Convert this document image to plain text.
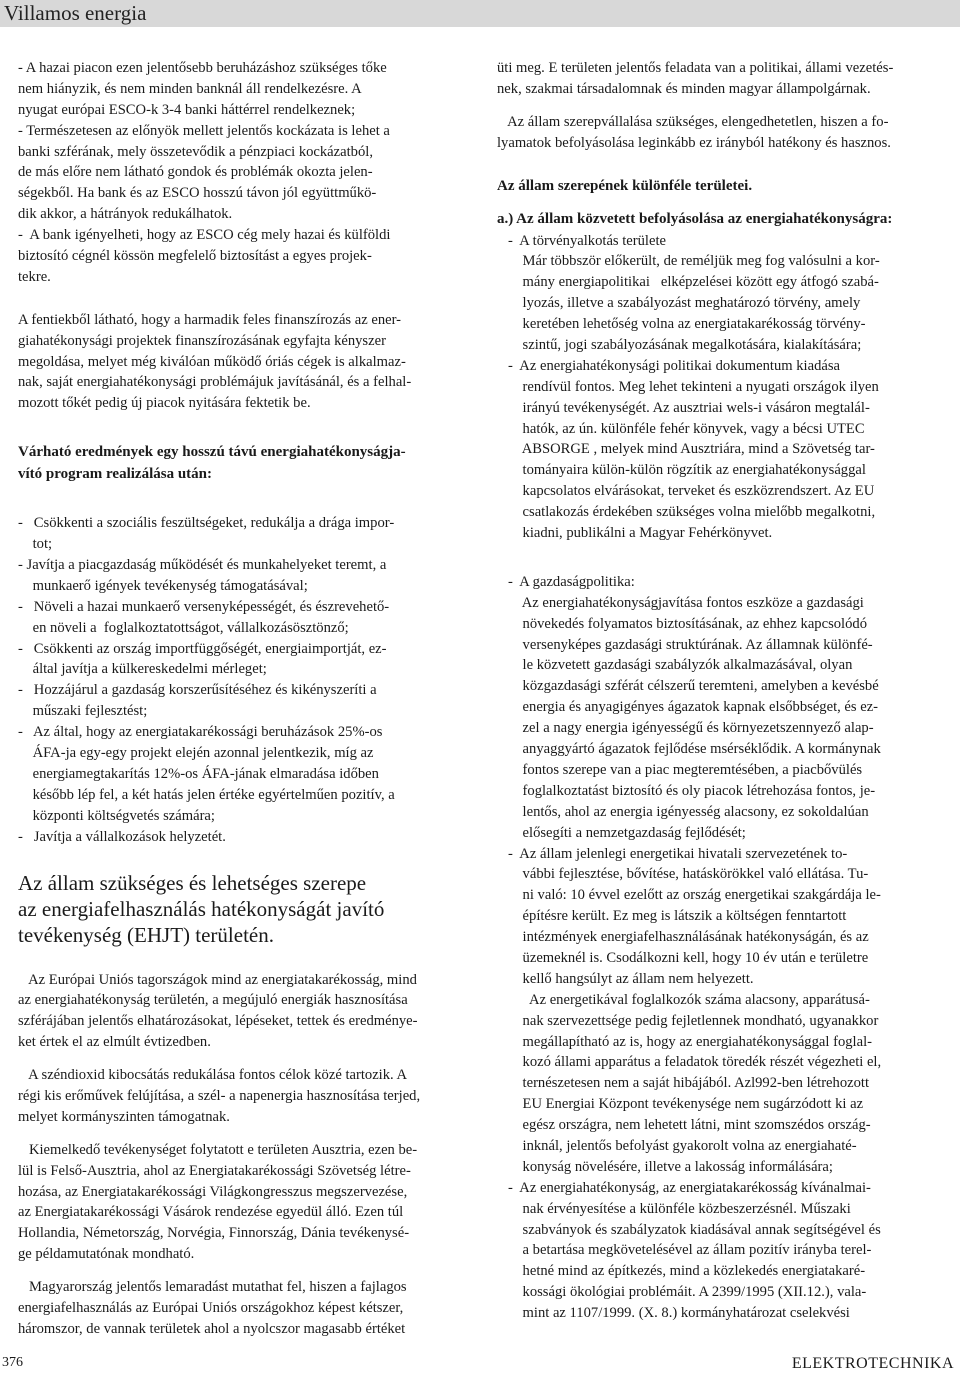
Villamos energia
- A hazai piacon ezen jelentősebb beruházáshoz szükséges tőke
nem hiányzik, és nem minden banknál áll rendelkezésre. A
nyugat európai ESCO-k 3-4 banki háttérrel rendelkeznek;
- Természetesen az előnyök mellett jelentős kockázata is lehet a
banki szférának, mely összetevődik a pénzpiaci kockázatból,
de más előre nem látható gondok és problémák okozta jelen-
ségekből. Ha bank és az ESCO hosszú távon jól együttműkö-
dik akkor, a hátrányok redukálhatok.
-  A bank igényelheti, hogy az ESCO cég mely hazai és külföldi
biztosító cégnél kössön megfelelő biztosítást a egyes projek-
tekre.
A fentiekből látható, hogy a harmadik feles finanszírozás az ener-
giahatékonysági projektek finanszírozásának egyfajta kényszer
megoldása, melyet még kiválóan működő óriás cégek is alkalmaz-
nak, saját energiahatékonysági problémájuk javításánál, és a felhal-
mozott tőkét pedig új piacok nyitására fektetik be.
Várható eredmények egy hosszú távú energiahatékonyságja-
vító program realizálása után:
-   Csökkenti a szociális feszültségeket, redukálja a drága impor-
tot;
- Javítja a piacgazdaság működését és munkahelyeket teremt, a
munkaerő igények tevékenység támogatásával;
-   Növeli a hazai munkaerő versenyképességét, és észrevehető-
en növeli a  foglalkoztatottságot, vállalkozásösztönző;
-   Csökkenti az ország importfüggőségét, energiaimportját, ez-
által javítja a külkereskedelmi mérleget;
-   Hozzájárul a gazdaság korszerűsítéséhez és kikényszeríti a
műszaki fejlesztést;
-   Az által, hogy az energiatakarékossági beruházások 25%-os
ÁFA-ja egy-egy projekt elején azonnal jelentkezik, míg az
energiamegtakarítás 12%-os ÁFA-jának elmaradása időben
később lép fel, a két hatás jelen értéke egyértelműen pozitív, a
központi költségvetés számára;
-   Javítja a vállalkozások helyzetét.
Az állam szükséges és lehetséges szerepe
az energiafelhasználás hatékonyságát javító
tevékenység (EHJT) területén.
Az Európai Uniós tagországok mind az energiatakarékosság, mind
az energiahatékonyság területén, a megújuló energiák hasznosítása
szférájában jelentős elhatározásokat, lépéseket, tettek és eredménye-
ket értek el az elmúlt évtizedben.
A széndioxid kibocsátás redukálása fontos célok közé tartozik. A
régi kis erőművek felújítása, a szél- a napenergia hasznosítása terjed,
melyet kormányszinten támogatnak.
Kiemelkedő tevékenységet folytatott e területen Ausztria, ezen be-
lül is Felső-Ausztria, ahol az Energiatakarékossági Szövetség létre-
hozása, az Energiatakarékossági Világkongresszus megszervezése,
az Energiatakarékossági Vásárok rendezése egyedül álló. Ezen túl
Hollandia, Németország, Norvégia, Finnország, Dánia tevékenysé-
ge példamutatónak mondható.
Magyarország jelentős lemaradást mutathat fel, hiszen a fajlagos
energiafelhasználás az Európai Uniós országokhoz képest kétszer,
háromszor, de vannak területek ahol a nyolcszor magasabb értéket
üti meg. E területen jelentős feladata van a politikai, állami vezetés-
nek, szakmai társadalomnak és minden magyar állampolgárnak.
Az állam szerepvállalása szükséges, elengedhetetlen, hiszen a fo-
lyamatok befolyásolása leginkább ez irányból hatékony és hasznos.
Az állam szerepének különféle területei.
a.) Az állam közvetett befolyásolása az energiahatékonyságra:
-  A törvényalkotás területe
Már többször előkerült, de reméljük meg fog valósulni a kor-
mány energiapolitikai   elképzelései között egy átfogó szabá-
lyozás, illetve a szabályozást meghatározó törvény, amely
keretében lehetőség volna az energiatakarékosság törvény-
szintű, jogi szabályozásának megalkotására, kialakítására;
-  Az energiahatékonysági politikai dokumentum kiadása
rendívül fontos. Meg lehet tekinteni a nyugati országok ilyen
irányú tevékenységét. Az ausztriai wels-i vásáron megtalál-
hatók, az ún. különféle fehér könyvek, vagy a bécsi UTEC
ABSORGE , melyek mind Ausztriára, mind a Szövetség tar-
tományaira külön-külön rögzítik az energiahatékonysággal
kapcsolatos elvárásokat, terveket és eszközrendszert. Az EU
csatlakozás érdekében szükséges volna mielőbb megalkotni,
kiadni, publikálni a Magyar Fehérkönyvet.
-  A gazdaságpolitika:
Az energiahatékonyságjavítása fontos eszköze a gazdasági
növekedés folyamatos biztosításának, az ehhez kapcsolódó
versenyképes gazdasági struktúrának. Az államnak különfé-
le közvetett gazdasági szabályzók alkalmazásával, olyan
közgazdasági szférát célszerű teremteni, amelyben a kevésbé
energia és anyagigényes ágazatok kapnak elsőbbséget, és ez-
zel a nagy energia igényességű és környezetszennyező alap-
anyaggyártó ágazatok fejlődése msérséklődik. A kormánynak
fontos szerepe van a piac megteremtésében, a piacbővülés
foglalkoztatást biztosító és oly piacok létrehozása fontos, je-
lentős, ahol az energia igényesség alacsony, ez sokoldalúan
elősegíti a nemzetgazdaság fejlődését;
-  Az állam jelenlegi energetikai hivatali szervezetének to-
vábbi fejlesztése, bővítése, hatáskörökkel való ellátása. Tu-
ni való: 10 évvel ezelőtt az ország energetikai szakgárdája le-
építésre került. Ez meg is látszik a költségen fenntartott
intézmények energiafelhasználásának hatékonyságán, és az
üzemeknél is. Csodálkozni kell, hogy 10 év után e területre
kellő hangsúlyt az állam nem helyezett.
Az energetikával foglalkozók száma alacsony, apparátusá-
nak szervezettsége pedig fejletlennek mondható, ugyanakkor
megállapítható az is, hogy az energiahatékonysággal foglal-
kozó állami apparátus a feladatok töredék részét végezheti el,
ternészetesen nem a saját hibájából. Azl992-ben létrehozott
EU Energiai Központ tevékenysége nem sugárzódott ki az
egész országra, nem lehetett látni, mint szomszédos ország-
inknál, jelentős befolyást gyakorolt volna az energiahaté-
konyság növelésére, illetve a lakosság informálására;
-  Az energiahatékonyság, az energiatakarékosság kívánalmai-
nak érvényesítése a különféle közbeszerzésnél. Műszaki
szabványok és szabályzatok kiadásával annak segítségével és
a betartása megkövetelésével az állam pozitív irányba terel-
hetné mind az építkezés, mind a közlekedés energiatakaré-
kossági ökológiai problémáit. A 2399/1995 (XII.12.), vala-
mint az 1107/1999. (X. 8.) kormányhatározat cselekvési
376	ELEKTROTECHNIKA
